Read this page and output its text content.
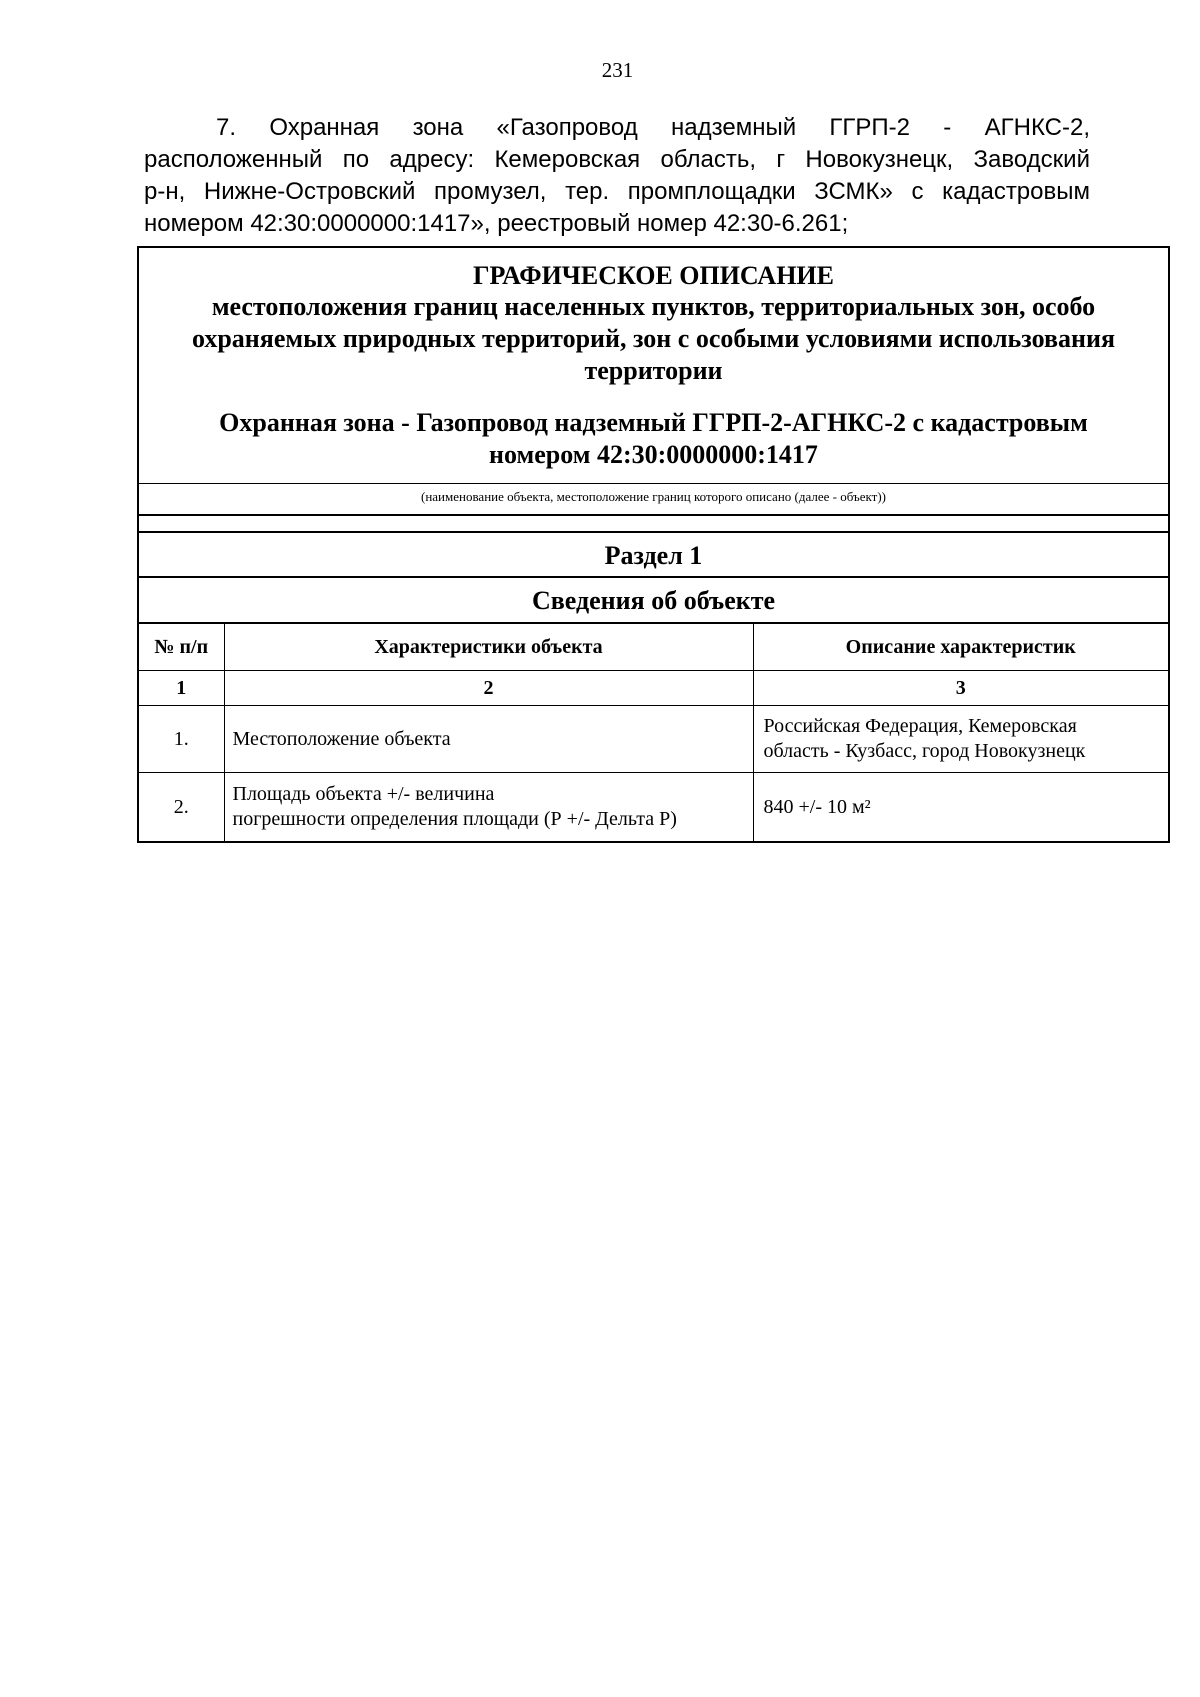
231
7. Охранная зона «Газопровод надземный ГГРП-2 - АГНКС-2,
расположенный по адресу: Кемеровская область, г Новокузнецк, Заводский
р-н, Нижне-Островский промузел, тер. промплощадки ЗСМК» с кадастровым
номером 42:30:0000000:1417», реестровый номер 42:30-6.261;
ГРАФИЧЕСКОЕ ОПИСАНИЕ
местоположения границ населенных пунктов, территориальных зон, особо
охраняемых природных территорий, зон с особыми условиями использования
территории
Охранная зона - Газопровод надземный ГГРП-2-АГНКС-2 с кадастровым
номером 42:30:0000000:1417
(наименование объекта, местоположение границ которого описано (далее - объект))
Раздел 1
Сведения об объекте
№ п/п	Характеристики объекта	Описание характеристик
1	2	3
1.	Местоположение объекта	Российская Федерация, Кемеровская
область - Кузбасс, город Новокузнецк

2.	Площадь объекта +/- величина
погрешности определения площади (Р +/- Дельта Р)	840 +/- 10 м²
